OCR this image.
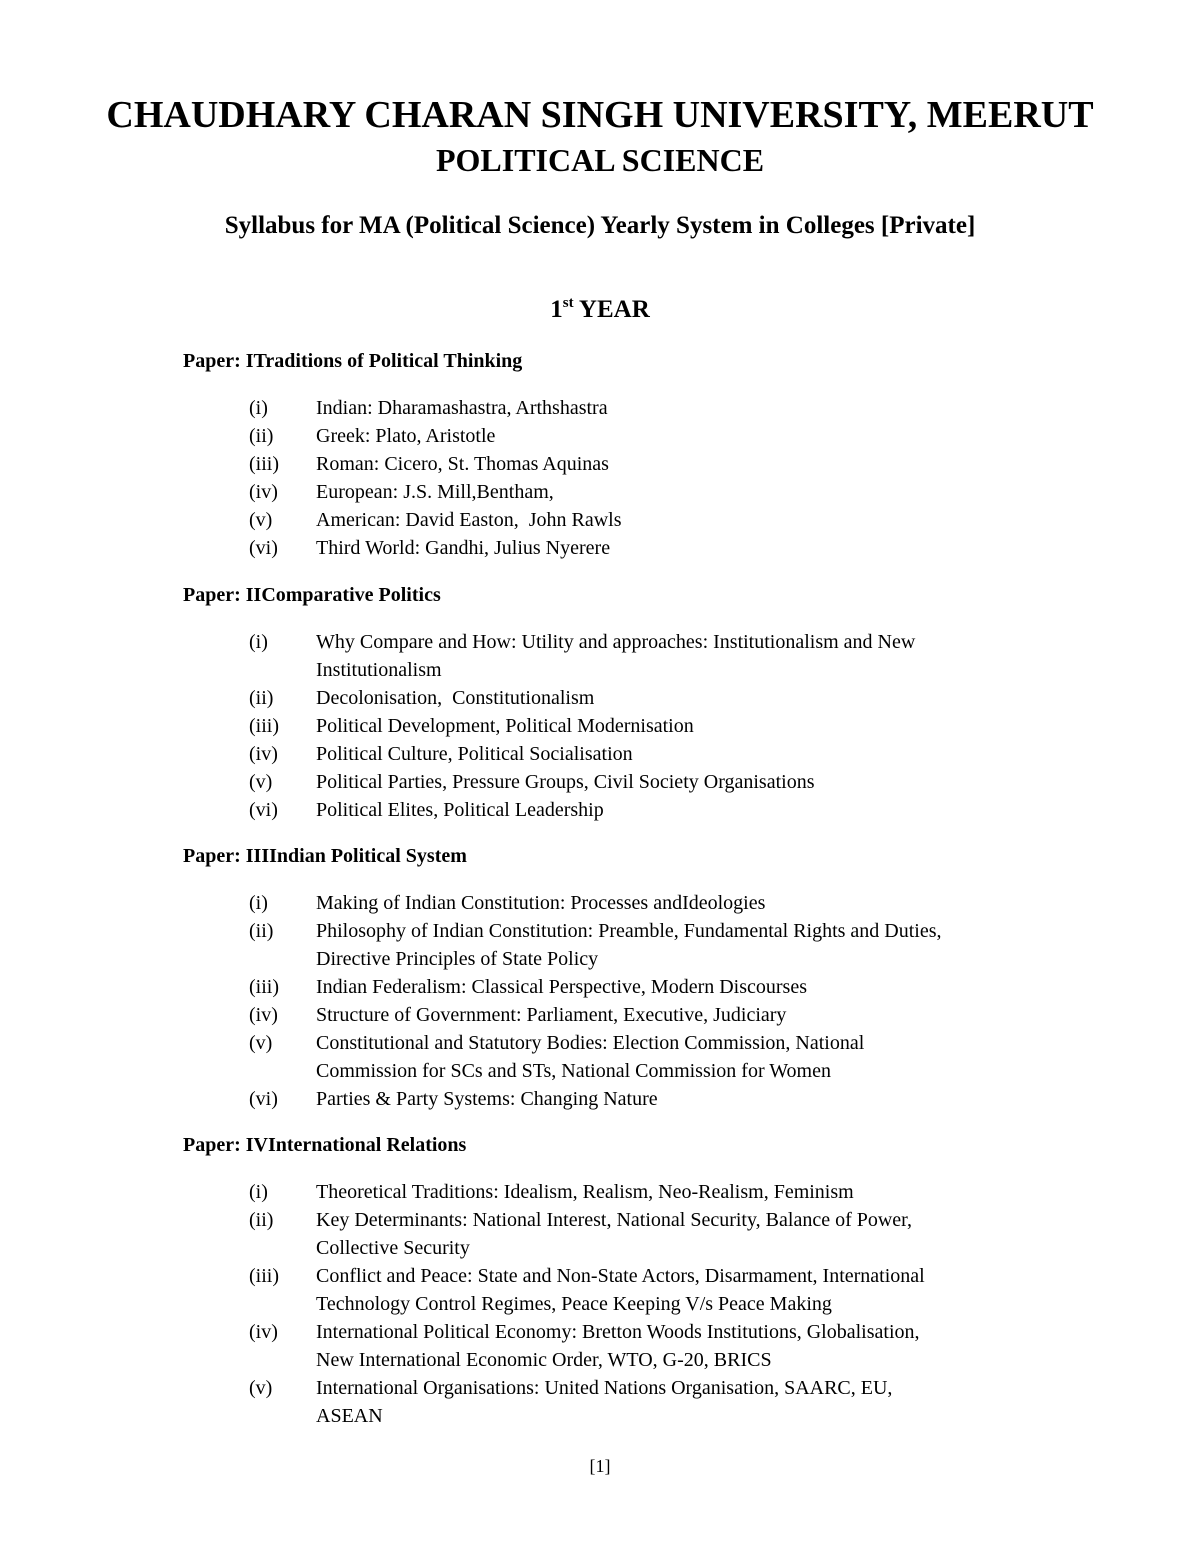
CHAUDHARY CHARAN SINGH UNIVERSITY, MEERUT
POLITICAL SCIENCE
Syllabus for MA (Political Science) Yearly System in Colleges [Private]
1st YEAR
Paper: ITraditions of Political Thinking
(i) Indian: Dharamashastra, Arthshastra
(ii) Greek: Plato, Aristotle
(iii) Roman: Cicero, St. Thomas Aquinas
(iv) European: J.S. Mill,Bentham,
(v) American: David Easton,  John Rawls
(vi) Third World: Gandhi, Julius Nyerere
Paper: IIComparative Politics
(i) Why Compare and How: Utility and approaches: Institutionalism and New
Institutionalism
(ii) Decolonisation,  Constitutionalism
(iii) Political Development, Political Modernisation
(iv) Political Culture, Political Socialisation
(v) Political Parties, Pressure Groups, Civil Society Organisations
(vi) Political Elites, Political Leadership
Paper: IIIIndian Political System
(i) Making of Indian Constitution: Processes andIdeologies
(ii) Philosophy of Indian Constitution: Preamble, Fundamental Rights and Duties,
Directive Principles of State Policy
(iii) Indian Federalism: Classical Perspective, Modern Discourses
(iv) Structure of Government: Parliament, Executive, Judiciary
(v) Constitutional and Statutory Bodies: Election Commission, National
Commission for SCs and STs, National Commission for Women
(vi) Parties & Party Systems: Changing Nature
Paper: IVInternational Relations
(i) Theoretical Traditions: Idealism, Realism, Neo-Realism, Feminism
(ii) Key Determinants: National Interest, National Security, Balance of Power,
Collective Security
(iii) Conflict and Peace: State and Non-State Actors, Disarmament, International
Technology Control Regimes, Peace Keeping V/s Peace Making
(iv) International Political Economy: Bretton Woods Institutions, Globalisation,
New International Economic Order, WTO, G-20, BRICS
(v) International Organisations: United Nations Organisation, SAARC, EU,
ASEAN
[1]
